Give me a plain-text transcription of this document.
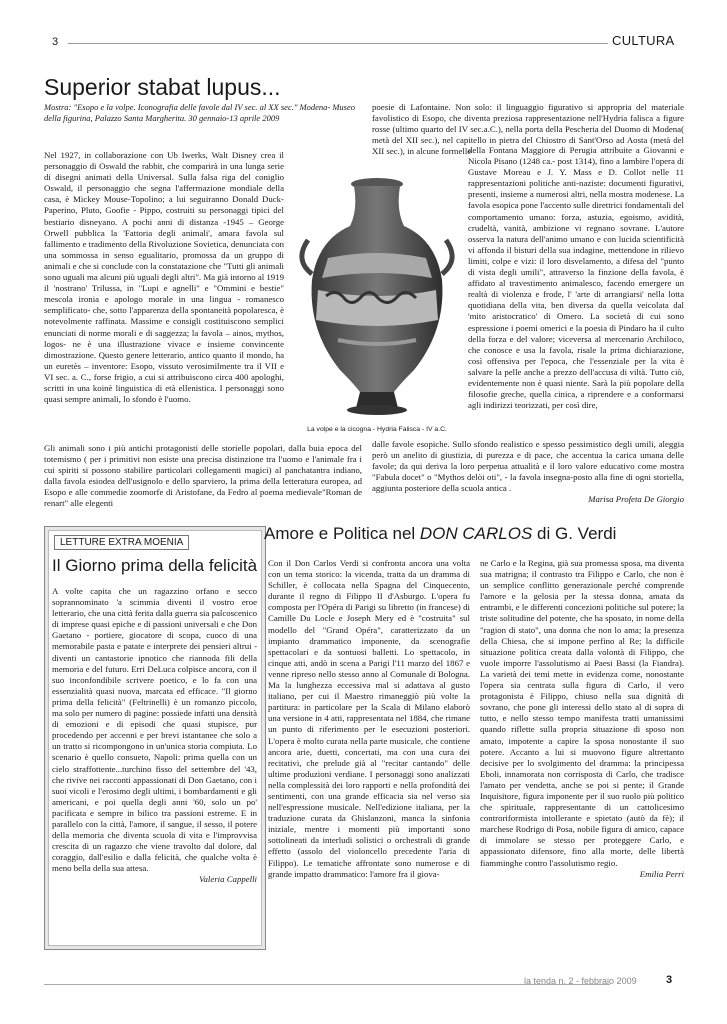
3	CULTURA
Superior stabat lupus...
Mostra: "Esopo e la volpe. Iconografia delle favole dal IV sec. al XX sec." Modena- Museo della figurina, Palazzo Santa Margherita. 30 gennaio-13 aprile 2009

Nel 1927, in collaborazione con Ub Iwerks, Walt Disney crea il personaggio di Oswald the rabbit, che comparirà in una lunga serie di disegni animati della Universal. Sulla falsa riga del coniglio Oswald, il personaggio che segna l'affermazione mondiale della casa, è Mickey Mouse-Topolino; a lui seguiranno Donald Duck- Paperino, Pluto, Goofie - Pippo, costruiti su personaggi tipici del bestiario disneyano. A pochi anni di distanza -1945 – George Orwell pubblica la 'Fattoria degli animali', amara favola sul fallimento e tradimento della Rivoluzione Sovietica, denunciata con una sommossa in senso egualitario, promossa da un gruppo di animali e che si conclude con la constatazione che "Tutti gli animali sono uguali ma alcuni più uguali degli altri". Ma già intorno al 1919 il 'nostrano' Trilussa, in "Lupi e agnelli" e "Ommini e bestie" mescola ironia e apologo morale in una lingua - romanesco semplificato- che, sotto l'apparenza della spontaneità popolaresca, è notevolmente raffinata. Massime e consigli costituiscono semplici enunciati di norme morali e di saggezza; la favola – ainos, mythos, logos- ne è una illustrazione vivace e insieme convincente dimostrazione. Questo genere letterario, antico quanto il mondo, ha un euretès – inventore: Esopo, vissuto verosimilmente tra il VII e VI sec. a. C., forse frigio, a cui si attribuiscono circa 400 apologhi, scritti in una koinè linguistica di età ellenistica. I personaggi sono quasi sempre animali, lo sfondo è l'uomo.

Gli animali sono i più antichi protagonisti delle storielle popolari, dalla buia epoca del totemismo ( per i primitivi non esiste una precisa distinzione tra l'uomo e l'animale fra i cui spiriti si possono stabilire particolari collegamenti magici) al panchatantra indiano, dalla favola esiodea dell'usignolo e dello sparviero, la prima della letteratura europea, ad Esopo e alle commedie zoomorfe di Aristofane, da Fedro al poema medievale"Roman de renart" alle elegenti

poesie di Lafontaine. Non solo: il linguaggio figurativo si appropria del materiale favolistico di Esopo, che diventa preziosa rappresentazione nell'Hydria falisca a figure rosse (ultimo quarto del IV sec.a.C.), nella porta della Pescheria del Duomo di Modena( metà del XII sec.), nel capitello in pietra del Chiostro di Sant'Orso ad Aosta (metà del XII sec.), in alcune formelle

della Fontana Maggiore di Perugia attribuite a Giovanni e Nicola Pisano (1248 ca.- post 1314), fino a lambire l'opera di Gustave Moreau e J. Y. Mass e D. Collot nelle 11 rappresentazioni politiche anti-naziste: documenti figurativi, presenti, insieme a numerosi altri, nella mostra modenese. La favola esopica pone l'accento sulle direttrici fondamentali del comportamento umano: forza, astuzia, egoismo, avidità, crudeltà, vanità, ambizione vi regnano sovrane. L'autore osserva la natura dell'animo umano e con lucida scientificità vi affonda il bisturi della sua indagine, mettendone in rilievo limiti, colpe e vizi: il loro disvelamento, a difesa del "punto di vista degli umili", attraverso la finzione della favola, è affidato al travestimento animalesco, facendo emergere un realtà di violenza e frode, l' 'arte di arrangiarsi' nella lotta quotidiana della vita, ben diversa da quella veicolata dal 'mito aristocratico' di Omero. La società di cui sono espressione i poemi omerici e la poesia di Pindaro ha il culto della forza e del valore; viceversa al mercenario Archiloco, che conosce e usa la favola, risale la prima dichiarazione, così offensiva per l'epoca, che l'essenziale per la vita è salvare la pelle anche a prezzo dell'accusa di viltà. Tutto ciò, evidentemente non è quasi niente. Sarà la più popolare della filosofie greche, quella cinica, a riprendere e a conformarsi agli indirizzi teorizzati, per così dire,

dalle favole esopiche. Sullo sfondo realistico e spesso pessimistico degli umili, aleggia però un anelito di giustizia, di purezza e di pace, che accentua la carica umana delle favole; da qui deriva la loro perpetua attualità e il loro valore educativo come mostra "Fabula docet" o "Mythos delòi oti", - la favola insegna-posto alla fine di ogni storiella, aggiunta posteriore della scuola antica .

Marisa Profeta De Giorgio

La volpe e la cicogna - Hydria Falisca - IV a.C.
LETTURE EXTRA MOENIA
Il Giorno prima della felicità

A volte capita che un ragazzino orfano e secco soprannominato 'a scimmia diventi il vostro eroe letterario, che una città ferita dalla guerra sia palcoscenico di imprese quasi epiche e di passioni universali e che Don Gaetano - portiere, giocatore di scopa, cuoco di una memorabile pasta e patate e interprete dei pensieri altrui - diventi un cantastorie ipnotico che riannoda fili della memoria e del futuro. Erri DeLuca colpisce ancora, con il suo inconfondibile scrivere poetico, e lo fa con una essenzialità quasi nuova, marcata ed efficace. "Il giorno prima della felicità" (Feltrinelli) è un romanzo piccolo, ma solo per numero di pagine: possiede infatti una densità di emozioni e di episodi che quasi stupisce, pur procedendo per accenni e per brevi istantanee che solo a un tratto si ricompongono in un'unica storia compiuta. Lo scenario è quello consueto, Napoli: prima quella con un cielo straffottente...turchino fisso del settembre del '43, che rivive nei racconti appassionati di Don Gaetano, con i suoi vicoli e l'erosimo degli ultimi, i bombardamenti e gli americani, e poi quella degli anni '60, solo un po' pacificata e sempre in bilico tra passioni estreme. E in parallelo con la città, l'amore, il sangue, il sesso, il potere della memoria che diventa scuola di vita e l'improvvisa crescita di un ragazzo che viene travolto dal dolore, dal coraggio, dall'esilio e dalla felicità, che qualche volta è meno bella della sua attesa.

Valeria Cappelli

Amore e Politica nel DON CARLOS di G. Verdi

Con il Don Carlos Verdi si confronta ancora una volta con un tema storico: la vicenda, tratta da un dramma di Schiller, è collocata nella Spagna del Cinquecento, durante il regno di Filippo II d'Asburgo. L'opera fu composta per l'Opéra di Parigi su libretto (in francese) di Camille Du Locle e Joseph Mery ed è "costruita" sul modello del "Grand Opéra", caratterizzato da un impianto drammatico imponente, da scenografie spettacolari e da sontuosi balletti. Lo spettacolo, in cinque atti, andò in scena a Parigi l'11 marzo del 1867 e venne ripreso nello stesso anno al Comunale di Bologna. Ma la lunghezza eccessiva mal si adattava al gusto italiano, per cui il Maestro rimaneggiò più volte la partitura: in particolare per la Scala di Milano elaborò una versione in 4 atti, rappresentata nel 1884, che rimane un punto di riferimento per le esecuzioni posteriori. L'opera è molto curata nella parte musicale, che contiene ancora arie, duetti, concertati, ma con una cura dei recitativi, che prelude già al "recitar cantando" delle ultime produzioni verdiane. I personaggi sono analizzati nella complessità dei loro rapporti e nella profondità dei sentimenti, con una grande efficacia sia nel verso sia nell'espressione musicale. Nell'edizione italiana, per la traduzione curata da Ghislanzoni, manca la sinfonia iniziale, mentre i momenti più importanti sono sottolineati da interludi solistici o orchestrali di grande effetto (assolo del violoncello precedente l'aria di Filippo). Le tematiche affrontate sono numerose e di grande impatto drammatico: l'amore fra il giova-

ne Carlo e la Regina, già sua promessa sposa, ma diventa sua matrigna; il contrasto tra Filippo e Carlo, che non è un semplice conflitto generazionale perché comprende l'amore e la gelosia per la stessa donna, amata da entrambi, e le differenti concezioni politiche sul potere; la triste solitudine del potente, che ha sposato, in nome della "ragion di stato", una donna che non lo ama; la presenza della Chiesa, che si impone perfino al Re; la difficile situazione politica creata dalla volontà di Filippo, che vuole imporre l'assolutismo ai Paesi Bassi (la Fiandra). La varietà dei temi mette in evidenza come, nonostante l'opera sia centrata sulla figura di Carlo, il vero protagonista è Filippo, chiuso nella sua dignità di sovrano, che pone gli interessi dello stato al di sopra di tutto, e nello stesso tempo manifesta tratti umanissimi quando riflette sulla propria situazione di sposo non amato, impotente a capire la sposa nonostante il suo potere. Accanto a lui si muovono figure altrettanto decisive per lo svolgimento del dramma: la principessa Eboli, innamorata non corrisposta di Carlo, che tradisce l'amato per vendetta, anche se poi si pente; il Grande Inquisitore, figura imponente per il suo ruolo più politico che spirituale, rappresentante di un cattolicesimo controriformista intollerante e spietato (autò da fè); il marchese Rodrigo di Posa, nobile figura di amico, capace di immolare se stesso per proteggere Carlo, e appassionato difensore, fino alla morte, delle libertà fiamminghe contro l'assolutismo regio.

Emilia Perri

la tenda n. 2 - febbraio 2009	3
